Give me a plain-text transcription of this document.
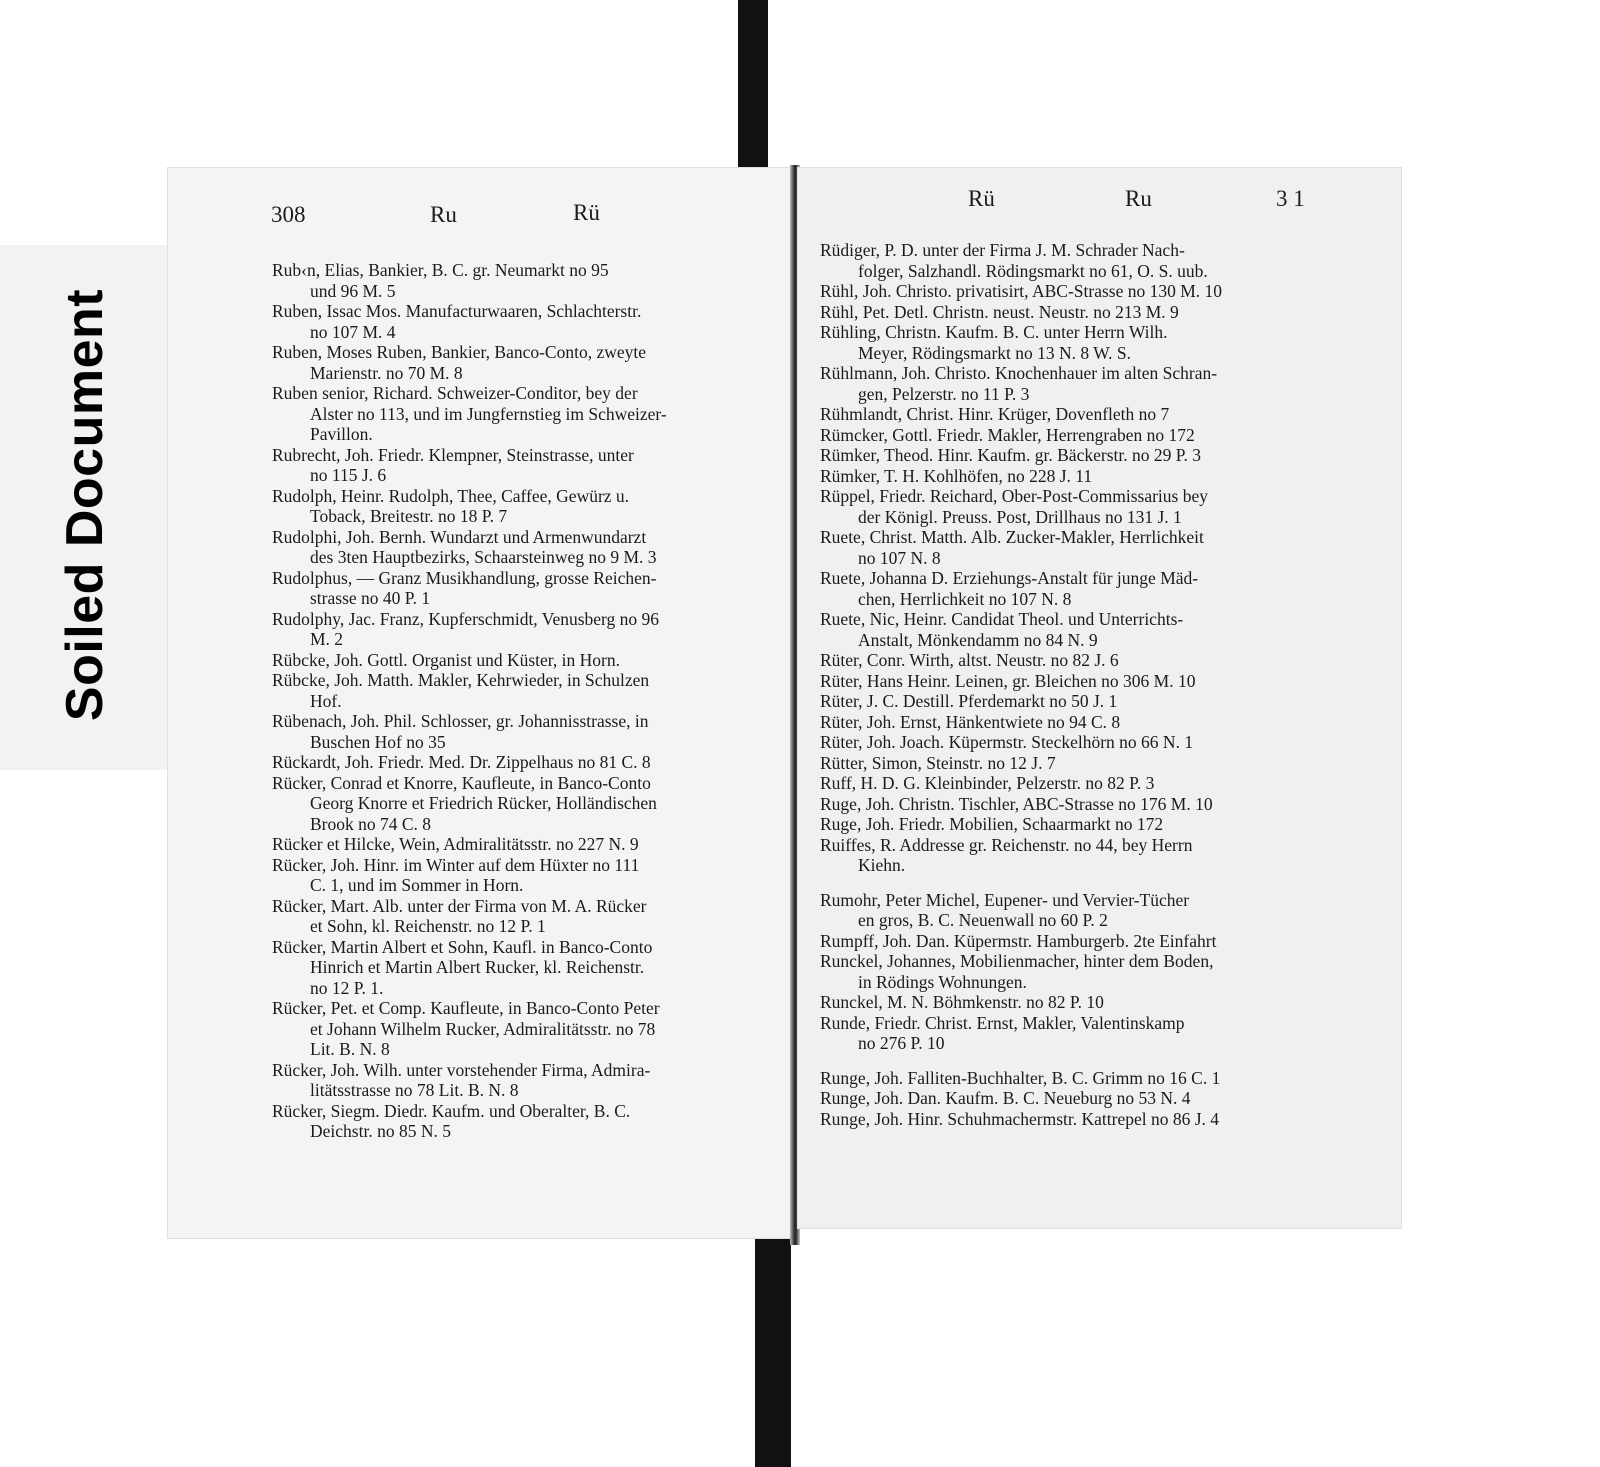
Soiled Document
308	Ru	Rü
Rub‹n, Elias, Bankier, B. C. gr. Neumarkt no 95
und 96 M. 5
Ruben, Issac Mos. Manufacturwaaren, Schlachterstr.
no 107 M. 4
Ruben, Moses Ruben, Bankier, Banco-Conto, zweyte
Marienstr. no 70 M. 8
Ruben senior, Richard. Schweizer-Conditor, bey der
Alster no 113, und im Jungfernstieg im Schweizer-
Pavillon.
Rubrecht, Joh. Friedr. Klempner, Steinstrasse, unter
no 115 J. 6
Rudolph, Heinr. Rudolph, Thee, Caffee, Gewürz u.
Toback, Breitestr. no 18 P. 7
Rudolphi, Joh. Bernh. Wundarzt und Armenwundarzt
des 3ten Hauptbezirks, Schaarsteinweg no 9 M. 3
Rudolphus, — Granz Musikhandlung, grosse Reichen-
strasse no 40 P. 1
Rudolphy, Jac. Franz, Kupferschmidt, Venusberg no 96
M. 2
Rübcke, Joh. Gottl. Organist und Küster, in Horn.
Rübcke, Joh. Matth. Makler, Kehrwieder, in Schulzen
Hof.
Rübenach, Joh. Phil. Schlosser, gr. Johannisstrasse, in
Buschen Hof no 35
Rückardt, Joh. Friedr. Med. Dr. Zippelhaus no 81 C. 8
Rücker, Conrad et Knorre, Kaufleute, in Banco-Conto
Georg Knorre et Friedrich Rücker, Holländischen
Brook no 74 C. 8
Rücker et Hilcke, Wein, Admiralitätsstr. no 227 N. 9
Rücker, Joh. Hinr. im Winter auf dem Hüxter no 111
C. 1, und im Sommer in Horn.
Rücker, Mart. Alb. unter der Firma von M. A. Rücker
et Sohn, kl. Reichenstr. no 12 P. 1
Rücker, Martin Albert et Sohn, Kaufl. in Banco-Conto
Hinrich et Martin Albert Rucker, kl. Reichenstr.
no 12 P. 1.
Rücker, Pet. et Comp. Kaufleute, in Banco-Conto Peter
et Johann Wilhelm Rucker, Admiralitätsstr. no 78
Lit. B. N. 8
Rücker, Joh. Wilh. unter vorstehender Firma, Admira-
litätsstrasse no 78 Lit. B. N. 8
Rücker, Siegm. Diedr. Kaufm. und Oberalter, B. C.
Deichstr. no 85 N. 5
Rü	Ru	3 1
Rüdiger, P. D. unter der Firma J. M. Schrader Nach-
folger, Salzhandl. Rödingsmarkt no 61, O. S. uub.
Rühl, Joh. Christo. privatisirt, ABC-Strasse no 130 M. 10
Rühl, Pet. Detl. Christn. neust. Neustr. no 213 M. 9
Rühling, Christn. Kaufm. B. C. unter Herrn Wilh.
Meyer, Rödingsmarkt no 13 N. 8 W. S.
Rühlmann, Joh. Christo. Knochenhauer im alten Schran-
gen, Pelzerstr. no 11 P. 3
Rühmlandt, Christ. Hinr. Krüger, Dovenfleth no 7
Rümcker, Gottl. Friedr. Makler, Herrengraben no 172
Rümker, Theod. Hinr. Kaufm. gr. Bäckerstr. no 29 P. 3
Rümker, T. H. Kohlhöfen, no 228 J. 11
Rüppel, Friedr. Reichard, Ober-Post-Commissarius bey
der Königl. Preuss. Post, Drillhaus no 131 J. 1
Ruete, Christ. Matth. Alb. Zucker-Makler, Herrlichkeit
no 107 N. 8
Ruete, Johanna D. Erziehungs-Anstalt für junge Mäd-
chen, Herrlichkeit no 107 N. 8
Ruete, Nic, Heinr. Candidat Theol. und Unterrichts-
Anstalt, Mönkendamm no 84 N. 9
Rüter, Conr. Wirth, altst. Neustr. no 82 J. 6
Rüter, Hans Heinr. Leinen, gr. Bleichen no 306 M. 10
Rüter, J. C. Destill. Pferdemarkt no 50 J. 1
Rüter, Joh. Ernst, Hänkentwiete no 94 C. 8
Rüter, Joh. Joach. Küpermstr. Steckelhörn no 66 N. 1
Rütter, Simon, Steinstr. no 12 J. 7
Ruff, H. D. G. Kleinbinder, Pelzerstr. no 82 P. 3
Ruge, Joh. Christn. Tischler, ABC-Strasse no 176 M. 10
Ruge, Joh. Friedr. Mobilien, Schaarmarkt no 172
Ruiffes, R. Addresse gr. Reichenstr. no 44, bey Herrn
Kiehn.
Rumohr, Peter Michel, Eupener- und Vervier-Tücher
en gros, B. C. Neuenwall no 60 P. 2
Rumpff, Joh. Dan. Küpermstr. Hamburgerb. 2te Einfahrt
Runckel, Johannes, Mobilienmacher, hinter dem Boden,
in Rödings Wohnungen.
Runckel, M. N. Böhmkenstr. no 82 P. 10
Runde, Friedr. Christ. Ernst, Makler, Valentinskamp
no 276 P. 10
Runge, Joh. Falliten-Buchhalter, B. C. Grimm no 16 C. 1
Runge, Joh. Dan. Kaufm. B. C. Neueburg no 53 N. 4
Runge, Joh. Hinr. Schuhmachermstr. Kattrepel no 86 J. 4
